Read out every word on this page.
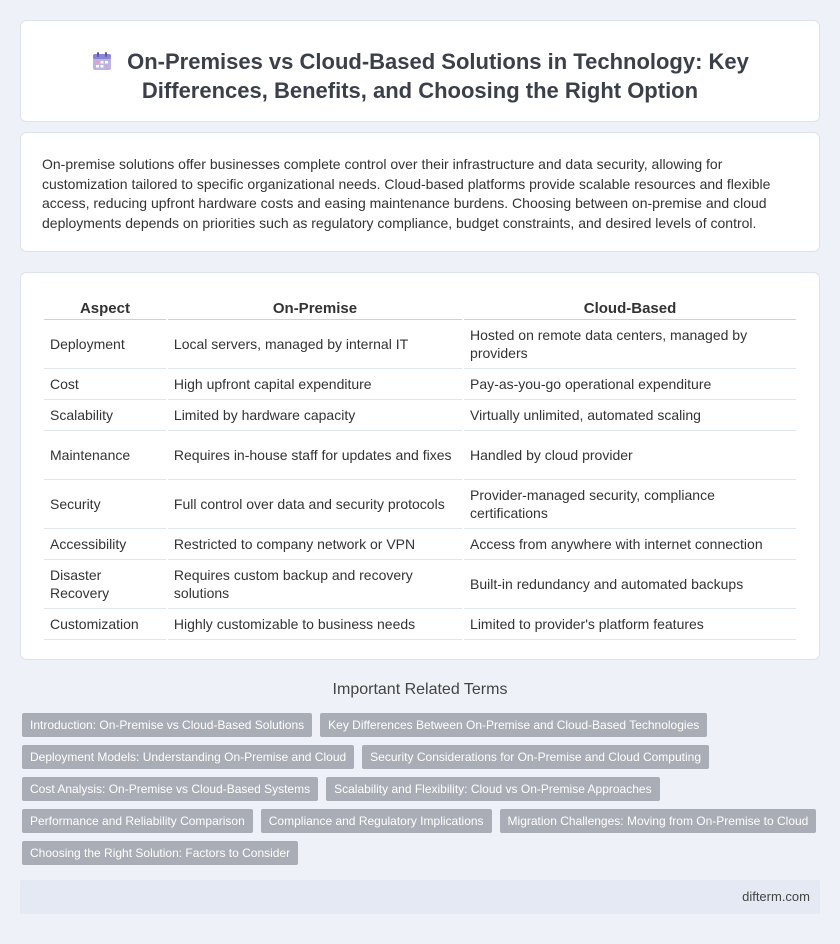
On-Premises vs Cloud-Based Solutions in Technology: Key Differences, Benefits, and Choosing the Right Option

On-premise solutions offer businesses complete control over their infrastructure and data security, allowing for customization tailored to specific organizational needs. Cloud-based platforms provide scalable resources and flexible access, reducing upfront hardware costs and easing maintenance burdens. Choosing between on-premise and cloud deployments depends on priorities such as regulatory compliance, budget constraints, and desired levels of control.

Aspect	On-Premise	Cloud-Based
Deployment	Local servers, managed by internal IT	Hosted on remote data centers, managed by providers
Cost	High upfront capital expenditure	Pay-as-you-go operational expenditure
Scalability	Limited by hardware capacity	Virtually unlimited, automated scaling
Maintenance	Requires in-house staff for updates and fixes	Handled by cloud provider
Security	Full control over data and security protocols	Provider-managed security, compliance certifications
Accessibility	Restricted to company network or VPN	Access from anywhere with internet connection
Disaster Recovery	Requires custom backup and recovery solutions	Built-in redundancy and automated backups
Customization	Highly customizable to business needs	Limited to provider's platform features
Important Related Terms
Introduction: On-Premise vs Cloud-Based Solutions	Key Differences Between On-Premise and Cloud-Based Technologies
Deployment Models: Understanding On-Premise and Cloud	Security Considerations for On-Premise and Cloud Computing
Cost Analysis: On-Premise vs Cloud-Based Systems	Scalability and Flexibility: Cloud vs On-Premise Approaches
Performance and Reliability Comparison	Compliance and Regulatory Implications	Migration Challenges: Moving from On-Premise to Cloud
Choosing the Right Solution: Factors to Consider
difterm.com
